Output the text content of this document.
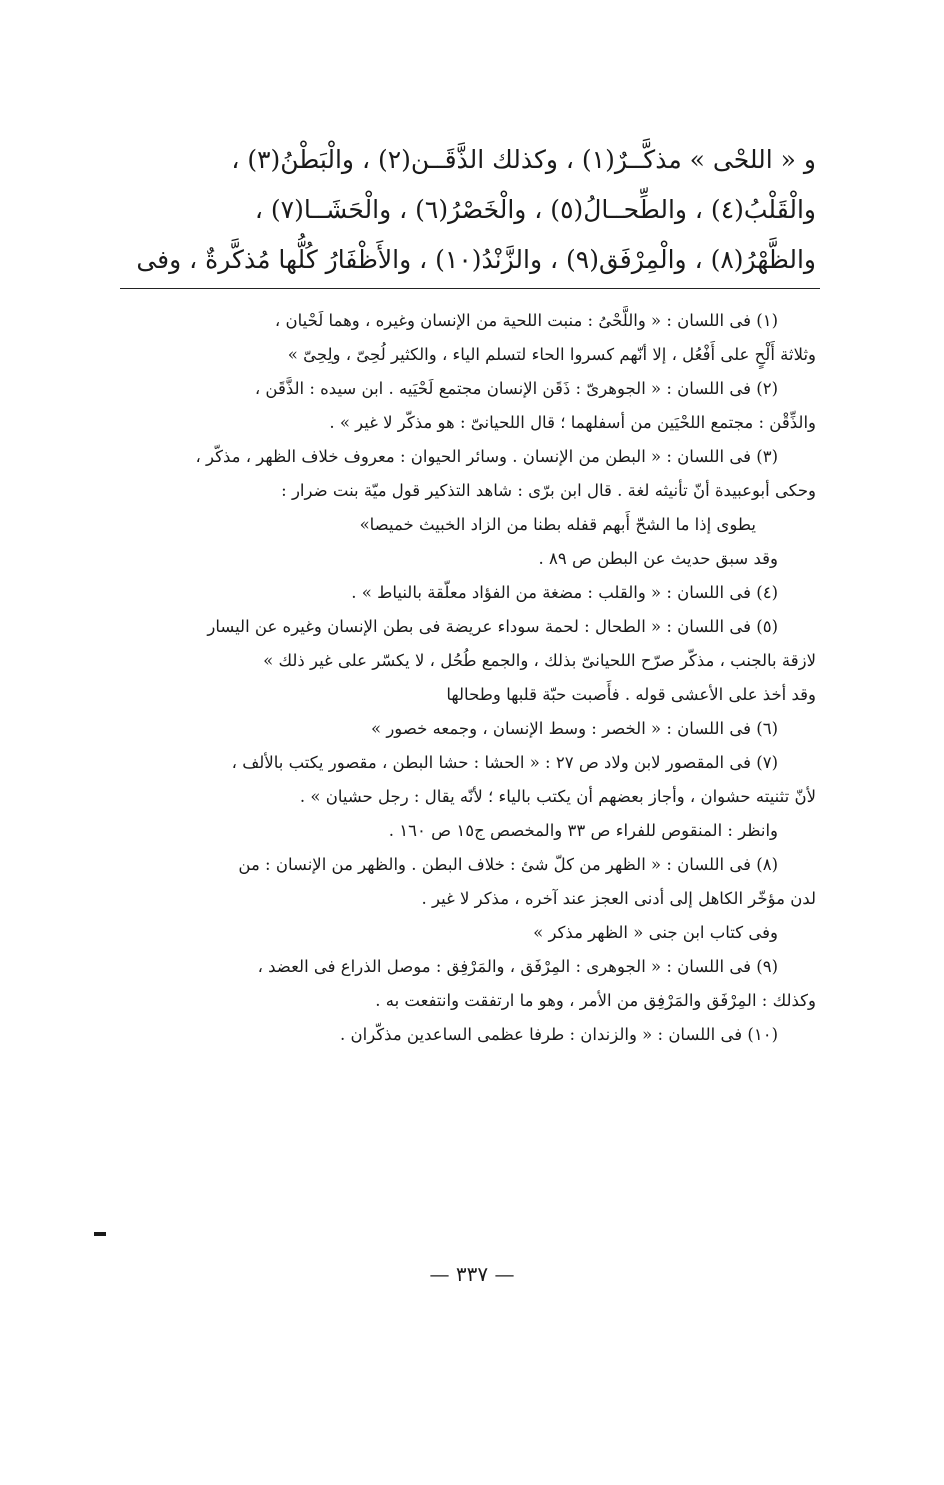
و « اللحْى » مذكَّــرٌ(١) ، وكذلك الذَّقَــن(٢) ، والْبَطْنُ(٣) ،
والْقَلْبُ(٤) ، والطِّحــالُ(٥) ، والْخَصْرُ(٦) ، والْحَشَــا(٧) ،
والظَّهْرُ(٨) ، والْمِرْفَق(٩) ، والزَّنْدُ(١٠) ، والأَظْفَارُ كُلُّها مُذكَّرةٌ ، وفى
(١) فى اللسان : « واللَّحْىُ : منبت اللحية من الإنسان وغيره ، وهما لَحْيان ،
وثلاثة أَلْحٍ على أَفْعُل ، إلا أنّهم كسروا الحاء لتسلم الياء ، والكثير لُحِىّ ، ولِحِىّ »
(٢) فى اللسان : « الجوهرىّ : ذَقَن الإنسان مجتمع لَحْيَيه . ابن سيده : الذَّقَن ،
والذِّقْن : مجتمع اللحْيَين من أسفلهما ؛ قال اللحيانىّ : هو مذكّر لا غير » .
(٣) فى اللسان : « البطن من الإنسان . وسائر الحيوان : معروف خلاف الظهر ، مذكّر ،
وحكى أبوعبيدة أنّ تأنيثه لغة . قال ابن برّى : شاهد التذكير قول ميّة بنت ضرار :
يطوى إذا ما الشحّ أَبهم قفله بطنا من الزاد الخبيث خميصا»
وقد سبق حديث عن البطن ص ٨٩ .
(٤) فى اللسان : « والقلب : مضغة من الفؤاد معلّقة بالنياط » .
(٥) فى اللسان : « الطحال : لحمة سوداء عريضة فى بطن الإنسان وغيره عن اليسار
لازقة بالجنب ، مذكّر صرّح اللحيانىّ بذلك ، والجمع طُحُل ، لا يكسّر على غير ذلك »
وقد أخذ على الأعشى قوله . فأَصبت حبّة قلبها وطحالها
(٦) فى اللسان : « الخصر : وسط الإنسان ، وجمعه خصور »
(٧) فى المقصور لابن ولاد ص ٢٧ : « الحشا : حشا البطن ، مقصور يكتب بالألف ،
لأنّ تثنيته حشوان ، وأجاز بعضهم أن يكتب بالياء ؛ لأنّه يقال : رجل حشيان » .
وانظر : المنقوص للفراء ص ٣٣ والمخصص ج١٥ ص ١٦٠ .
(٨) فى اللسان : « الظهر من كلّ شئ : خلاف البطن . والظهر من الإنسان : من
لدن مؤخّر الكاهل إلى أدنى العجز عند آخره ، مذكر لا غير .
وفى كتاب ابن جنى « الظهر مذكر »
(٩) فى اللسان : « الجوهرى : المِرْفَق ، والمَرْفِق : موصل الذراع فى العضد ،
وكذلك : المِرْفَق والمَرْفِق من الأمر ، وهو ما ارتفقت وانتفعت به .
(١٠) فى اللسان : « والزندان : طرفا عظمى الساعدين مذكّران .
— ٣٣٧ —
